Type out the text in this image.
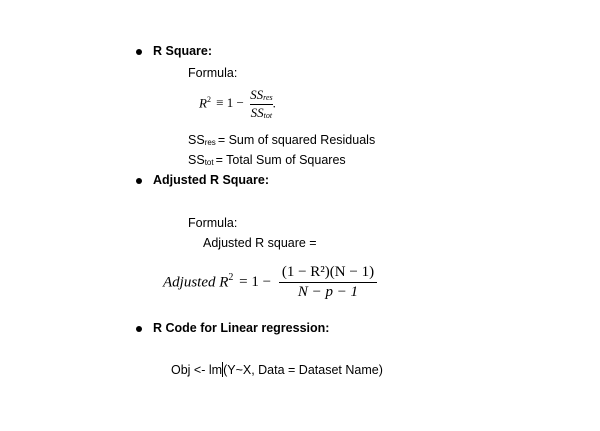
R Square:
Formula:
$R^2 \equiv 1 - \frac{SS_{res}}{SS_{tot}}$ .
$SS_{res}$ = Sum of squared Residuals
$SS_{tot}$ = Total Sum of Squares
Adjusted R Square:
Formula:
Adjusted R square =
Adjusted $R^2 = 1 - \frac{\text{(1 − R²)(N − 1)}}{N - p - 1}$
R Code for Linear regression:
Obj <- lm(Y~X, Data = Dataset Name)
